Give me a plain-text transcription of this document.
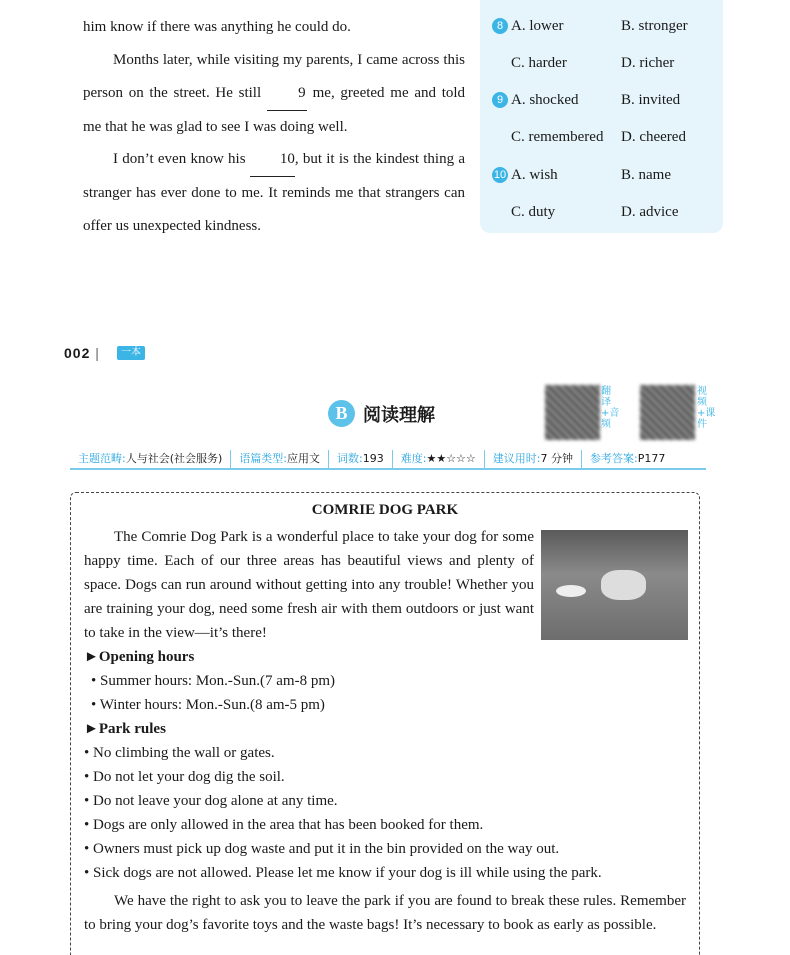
him know if there was anything he could do.
Months later, while visiting my parents, I came across this person on the street. He still 9 me, greeted me and told me that he was glad to see I was doing well.
I don’t even know his 10, but it is the kindest thing a stranger has ever done to me. It reminds me that strangers can offer us unexpected kindness.
8 A. lower	B. stronger
C. harder	D. richer
9 A. shocked	B. invited
C. remembered D. cheered
10 A. wish	B. name
C. duty	D. advice
002 |	一本
B 阅读理解
翻译+音频
视频+课件
主题范畴:人与社会(社会服务)	语篇类型:应用文	词数:193	难度:★★☆☆☆	建议用时:7 分钟	参考答案:P177
COMRIE DOG PARK
The Comrie Dog Park is a wonderful place to take your dog for some happy time. Each of our three areas has beautiful views and plenty of space. Dogs can run around without getting into any trouble! Whether you are training your dog, need some fresh air with them outdoors or just want to take in the view—it’s there!
►Opening hours
• Summer hours: Mon.-Sun.(7 am-8 pm)
• Winter hours: Mon.-Sun.(8 am-5 pm)
►Park rules
• No climbing the wall or gates.
• Do not let your dog dig the soil.
• Do not leave your dog alone at any time.
• Dogs are only allowed in the area that has been booked for them.
• Owners must pick up dog waste and put it in the bin provided on the way out.
• Sick dogs are not allowed. Please let me know if your dog is ill while using the park.
We have the right to ask you to leave the park if you are found to break these rules. Remember to bring your dog’s favorite toys and the waste bags! It’s necessary to book as early as possible.
